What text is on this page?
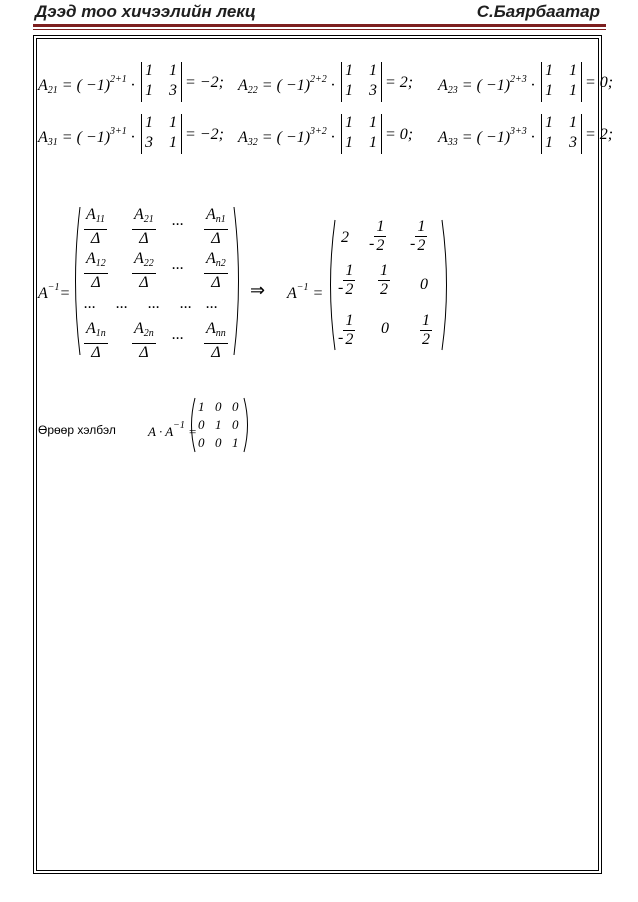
Дээд тоо хичээлийн лекц	С.Баярбаатар
$A_{21}$ = ( −1)$^{2+1}$ ·
1 1
1 3 = −2; $A_{22}$ = ( −1)$^{2+2}$ ·
1 1
1 3 = 2; $A_{23}$ = ( −1)$^{2+3}$ ·
1 1
1 1 = 0;
$A_{31}$ = ( −1)$^{3+1}$ ·
1 1
3 1 = −2; $A_{32}$ = ( −1)$^{3+2}$ ·
1 1
1 1 = 0; $A_{33}$ = ( −1)$^{3+3}$ ·
1 1
1 3 = 2;
$A^{-1}=$
$\frac{A_{11}}{\Delta} \frac{A_{21}}{\Delta}$ ... $\frac{A_{n1}}{\Delta}$
$\frac{A_{12}}{\Delta} \frac{A_{22}}{\Delta}$ ... $\frac{A_{n2}}{\Delta}$
... ... ... ... ...
$\frac{A_{1n}}{\Delta} \frac{A_{2n}}{\Delta}$ ... $\frac{A_{nn}}{\Delta}$
⇒ $A^{-1}$ =
$2 - \frac{1}{2} - \frac{1}{2}$
- $\frac{1}{2} \frac{1}{2} 0$
- $\frac{1}{2} 0 \frac{1}{2}$
Өрөөр хэлбэл $A \cdot A^{-1}$ =
1 0 0
0 1 0
0 0 1
